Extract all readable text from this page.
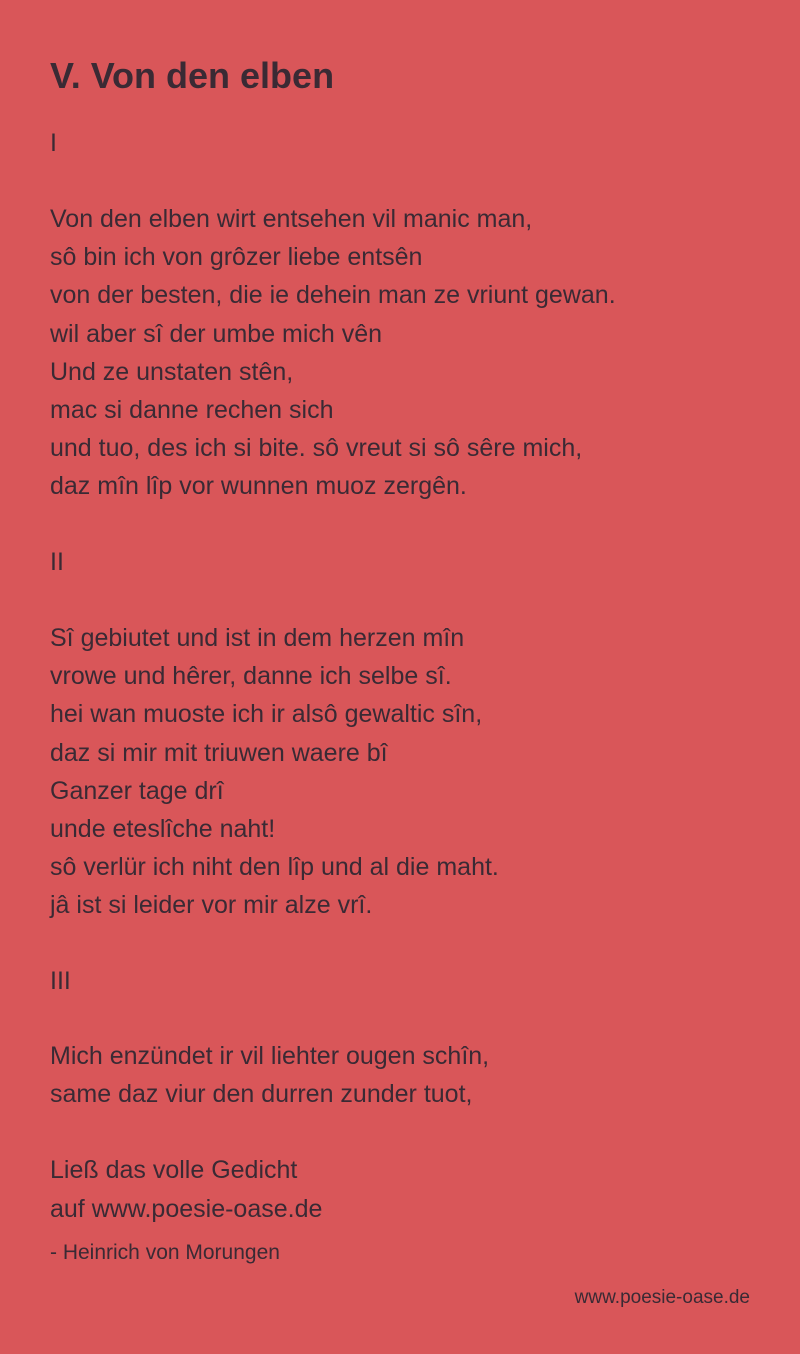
V. Von den elben
I
Von den elben wirt entsehen vil manic man,
sô bin ich von grôzer liebe entsên
von der besten, die ie dehein man ze vriunt gewan.
wil aber sî der umbe mich vên
Und ze unstaten stên,
mac si danne rechen sich
und tuo, des ich si bite. sô vreut si sô sêre mich,
daz mîn lîp vor wunnen muoz zergên.
II
Sî gebiutet und ist in dem herzen mîn
vrowe und hêrer, danne ich selbe sî.
hei wan muoste ich ir alsô gewaltic sîn,
daz si mir mit triuwen waere bî
Ganzer tage drî
unde eteslîche naht!
sô verlür ich niht den lîp und al die maht.
jâ ist si leider vor mir alze vrî.
III
Mich enzündet ir vil liehter ougen schîn,
same daz viur den durren zunder tuot,
Ließ das volle Gedicht
auf www.poesie-oase.de
- Heinrich von Morungen
www.poesie-oase.de
